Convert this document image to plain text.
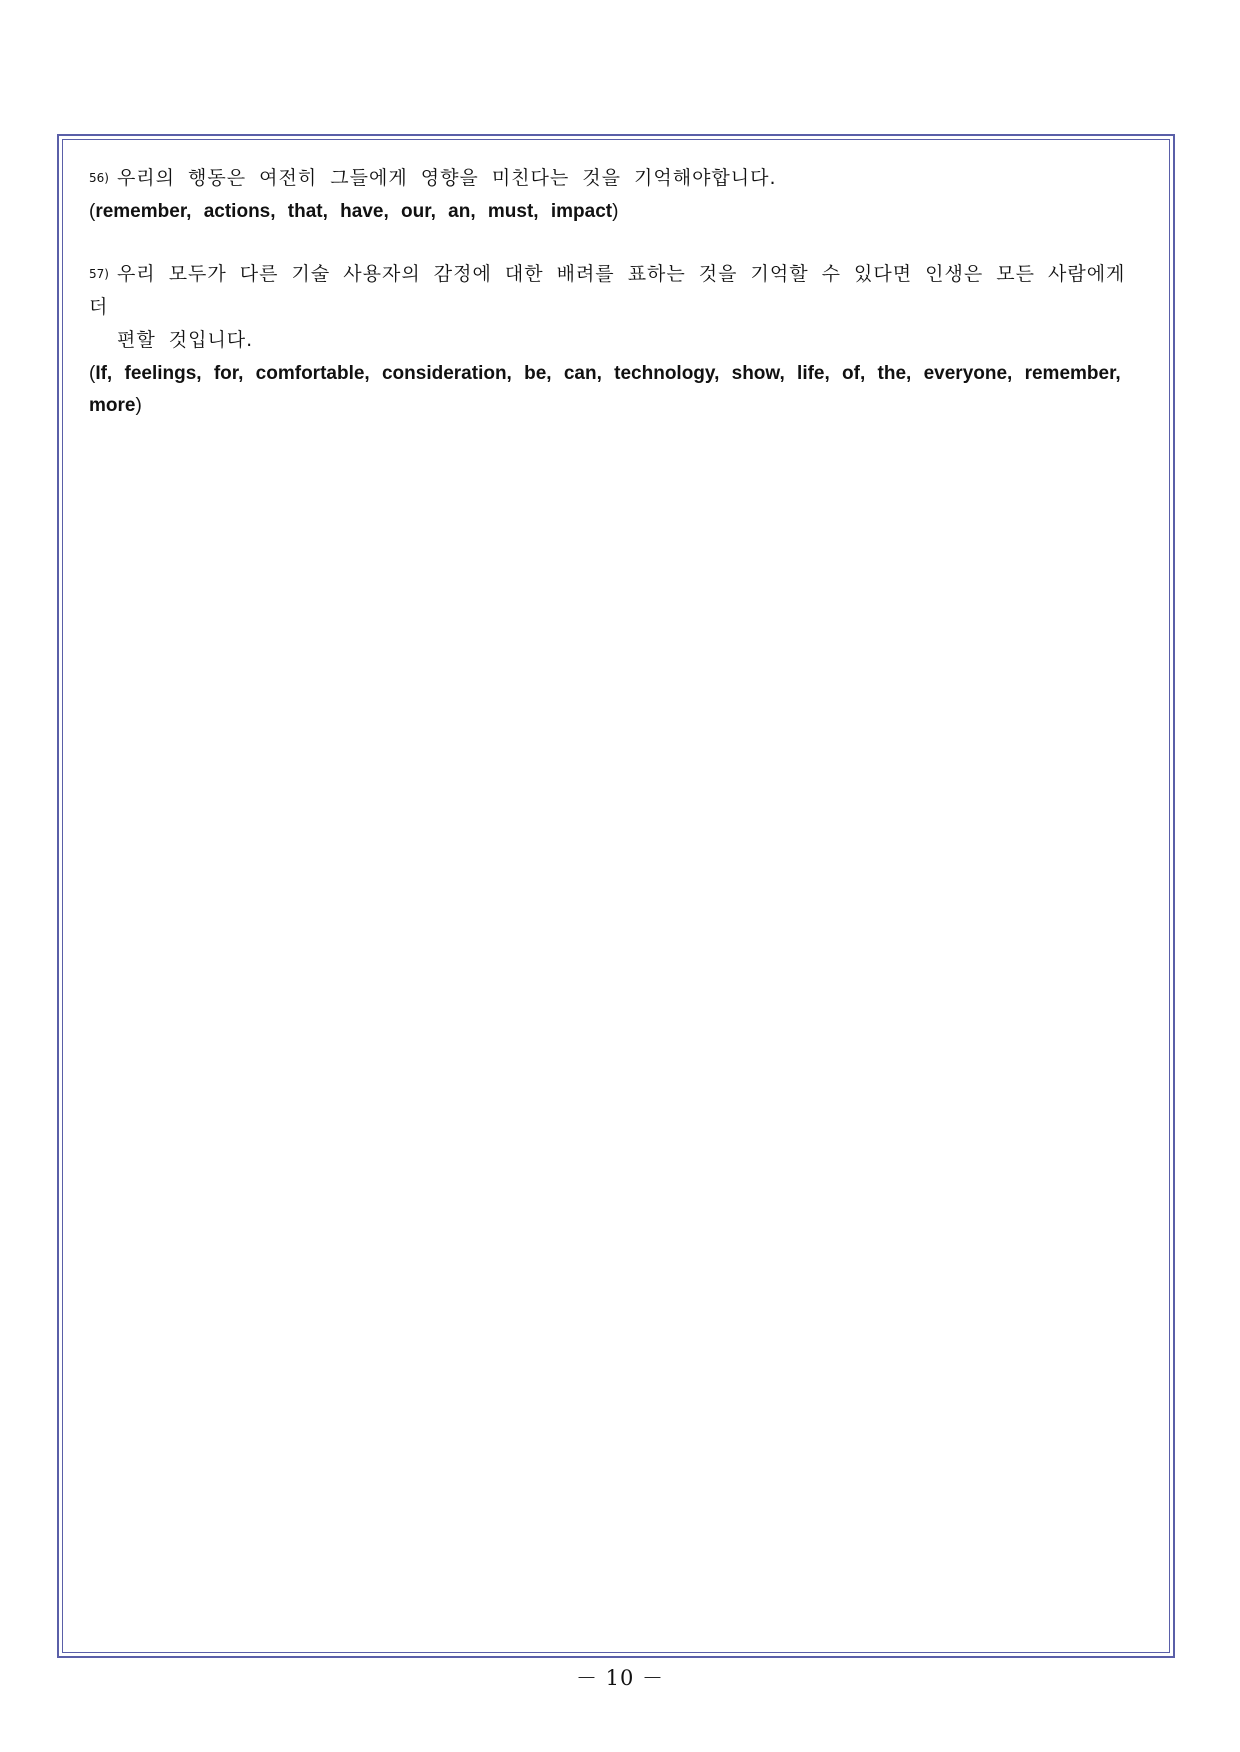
56) 우리의 행동은 여전히 그들에게 영향을 미친다는 것을 기억해야합니다.
(remember, actions, that, have, our, an, must, impact)
57) 우리 모두가 다른 기술 사용자의 감정에 대한 배려를 표하는 것을 기억할 수 있다면 인생은 모든 사람에게 더
편할 것입니다.
(If, feelings, for, comfortable, consideration, be, can, technology, show, life, of, the, everyone, remember, more)
－ 10 －
